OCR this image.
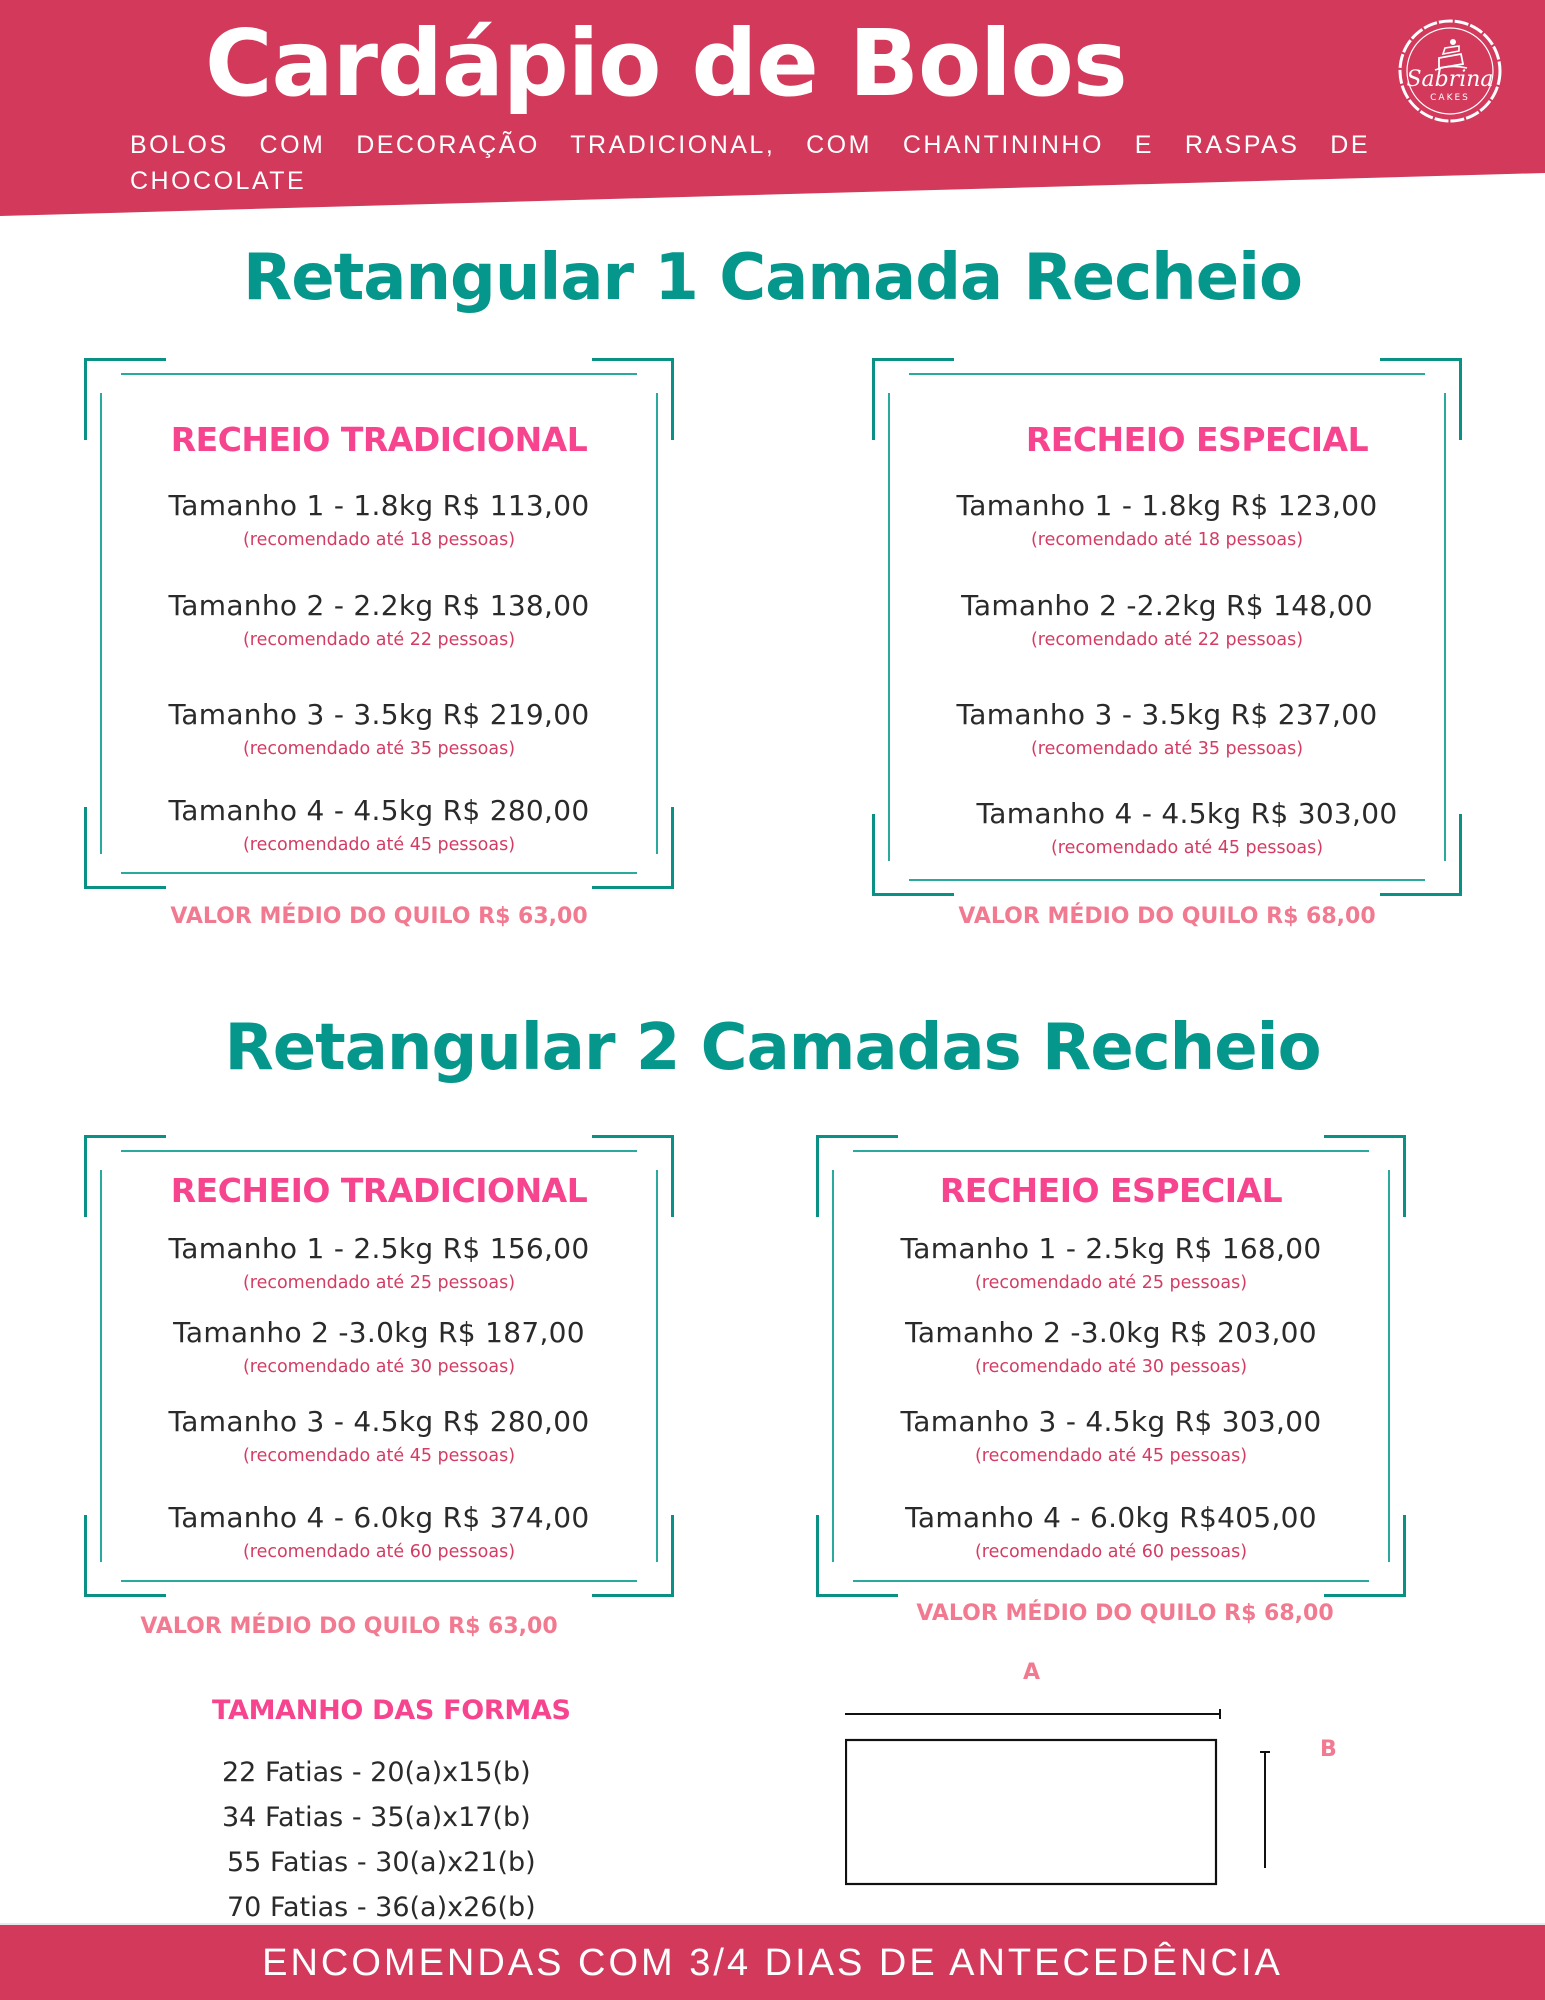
Cardápio de Bolos
BOLOS COM DECORAÇÃO TRADICIONAL, COM CHANTININHO E RASPAS DE CHOCOLATE
Sabrina
CAKES
Retangular 1 Camada Recheio
RECHEIO TRADICIONAL
Tamanho 1 - 1.8kg R$ 113,00
(recomendado até 18 pessoas)
Tamanho 2 - 2.2kg R$ 138,00
(recomendado até 22 pessoas)
Tamanho 3 - 3.5kg R$ 219,00
(recomendado até 35 pessoas)
Tamanho 4 - 4.5kg R$ 280,00
(recomendado até 45 pessoas)
VALOR MÉDIO DO QUILO R$ 63,00
RECHEIO ESPECIAL
Tamanho 1 - 1.8kg R$ 123,00
(recomendado até 18 pessoas)
Tamanho 2 -2.2kg R$ 148,00
(recomendado até 22 pessoas)
Tamanho 3 - 3.5kg R$ 237,00
(recomendado até 35 pessoas)
Tamanho 4 - 4.5kg R$ 303,00
(recomendado até 45 pessoas)
VALOR MÉDIO DO QUILO R$ 68,00
Retangular 2 Camadas Recheio
RECHEIO TRADICIONAL
Tamanho 1 - 2.5kg R$ 156,00
(recomendado até 25 pessoas)
Tamanho 2 -3.0kg R$ 187,00
(recomendado até 30 pessoas)
Tamanho 3 - 4.5kg R$ 280,00
(recomendado até 45 pessoas)
Tamanho 4 - 6.0kg R$ 374,00
(recomendado até 60 pessoas)
VALOR MÉDIO DO QUILO R$ 63,00
RECHEIO ESPECIAL
Tamanho 1 - 2.5kg R$ 168,00
(recomendado até 25 pessoas)
Tamanho 2 -3.0kg R$ 203,00
(recomendado até 30 pessoas)
Tamanho 3 - 4.5kg R$ 303,00
(recomendado até 45 pessoas)
Tamanho 4 - 6.0kg R$405,00
(recomendado até 60 pessoas)
VALOR MÉDIO DO QUILO R$ 68,00
TAMANHO DAS FORMAS
22 Fatias - 20(a)x15(b)
34 Fatias - 35(a)x17(b)
55 Fatias - 30(a)x21(b)
70 Fatias - 36(a)x26(b)
A
B
ENCOMENDAS COM 3/4 DIAS DE ANTECEDÊNCIA
